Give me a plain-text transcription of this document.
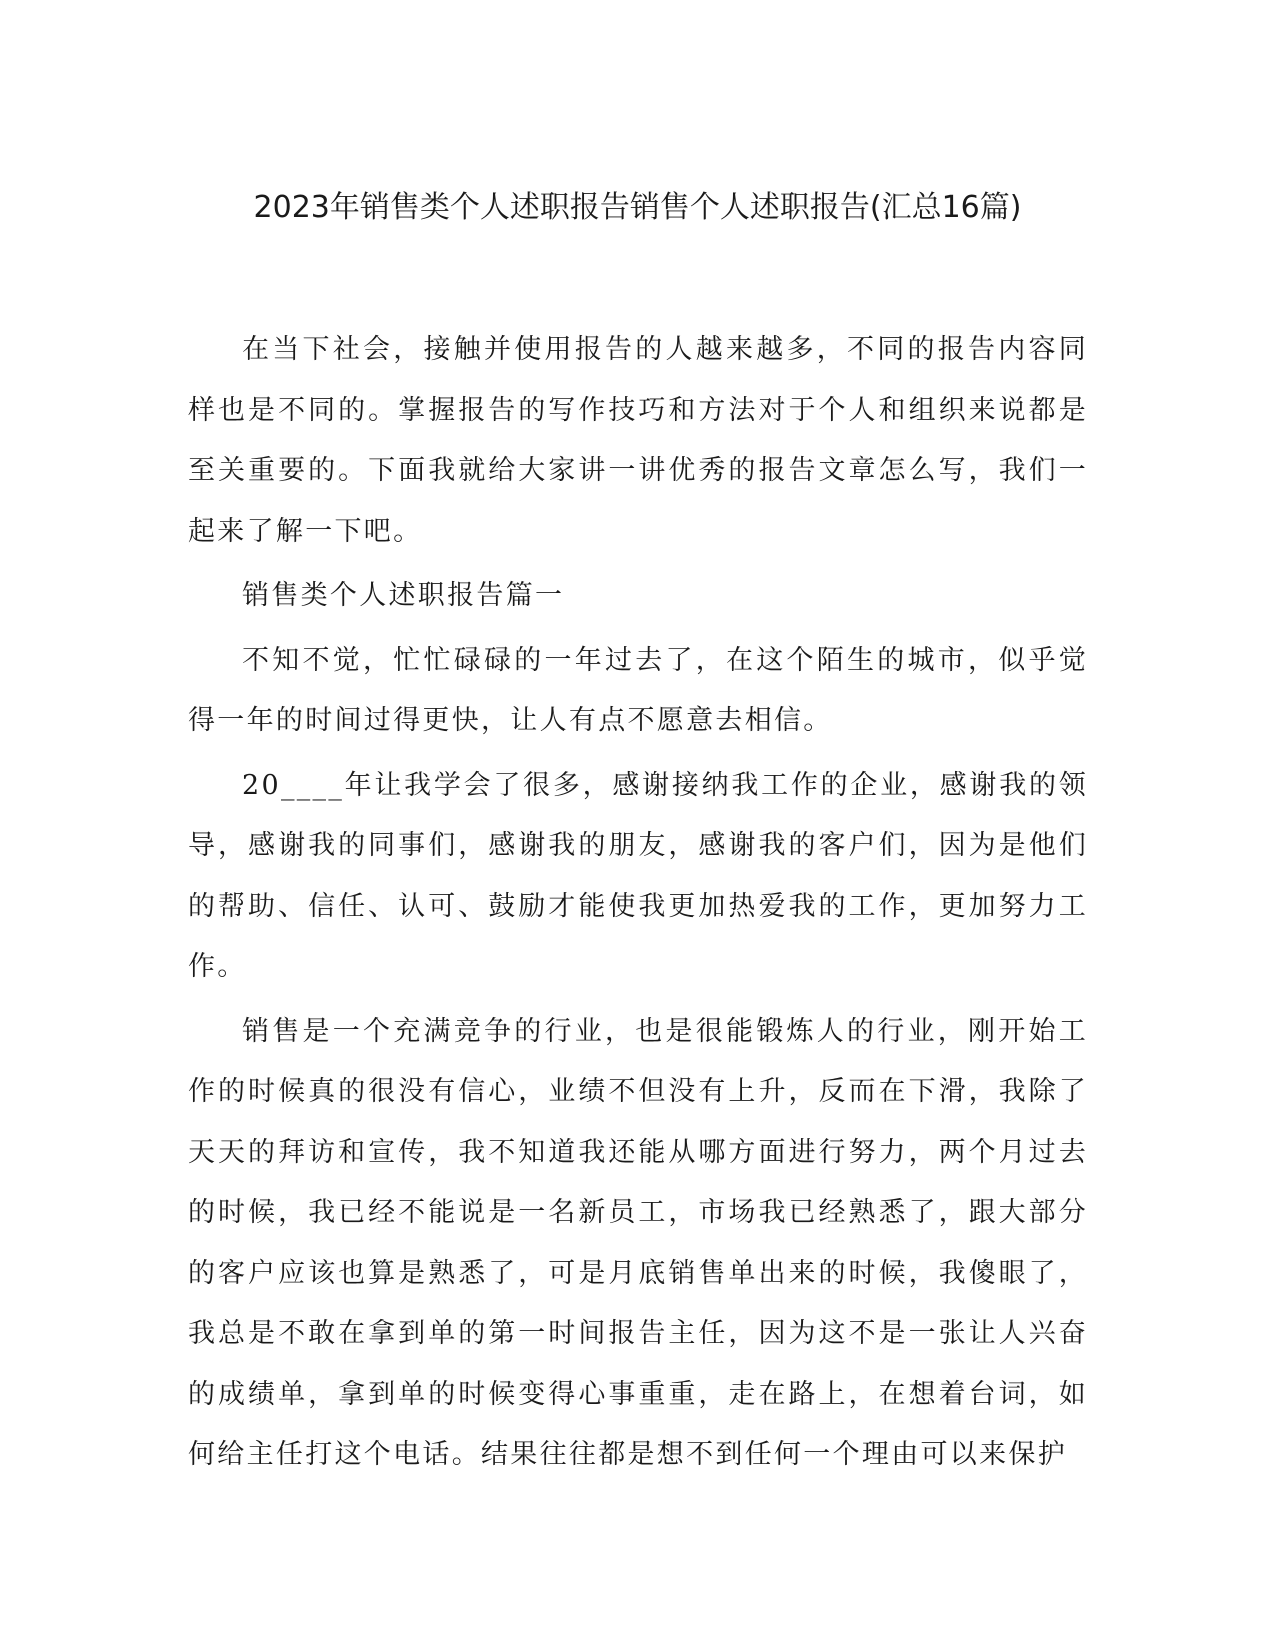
2023年销售类个人述职报告销售个人述职报告(汇总16篇)

在当下社会，接触并使用报告的人越来越多，不同的报告内容同样也是不同的。掌握报告的写作技巧和方法对于个人和组织来说都是至关重要的。下面我就给大家讲一讲优秀的报告文章怎么写，我们一起来了解一下吧。

销售类个人述职报告篇一

不知不觉，忙忙碌碌的一年过去了，在这个陌生的城市，似乎觉得一年的时间过得更快，让人有点不愿意去相信。

20____年让我学会了很多，感谢接纳我工作的企业，感谢我的领导，感谢我的同事们，感谢我的朋友，感谢我的客户们，因为是他们的帮助、信任、认可、鼓励才能使我更加热爱我的工作，更加努力工作。

销售是一个充满竞争的行业，也是很能锻炼人的行业，刚开始工作的时候真的很没有信心，业绩不但没有上升，反而在下滑，我除了天天的拜访和宣传，我不知道我还能从哪方面进行努力，两个月过去的时候，我已经不能说是一名新员工，市场我已经熟悉了，跟大部分的客户应该也算是熟悉了，可是月底销售单出来的时候，我傻眼了，我总是不敢在拿到单的第一时间报告主任，因为这不是一张让人兴奋的成绩单，拿到单的时候变得心事重重，走在路上，在想着台词，如何给主任打这个电话。结果往往都是想不到任何一个理由可以来保护
